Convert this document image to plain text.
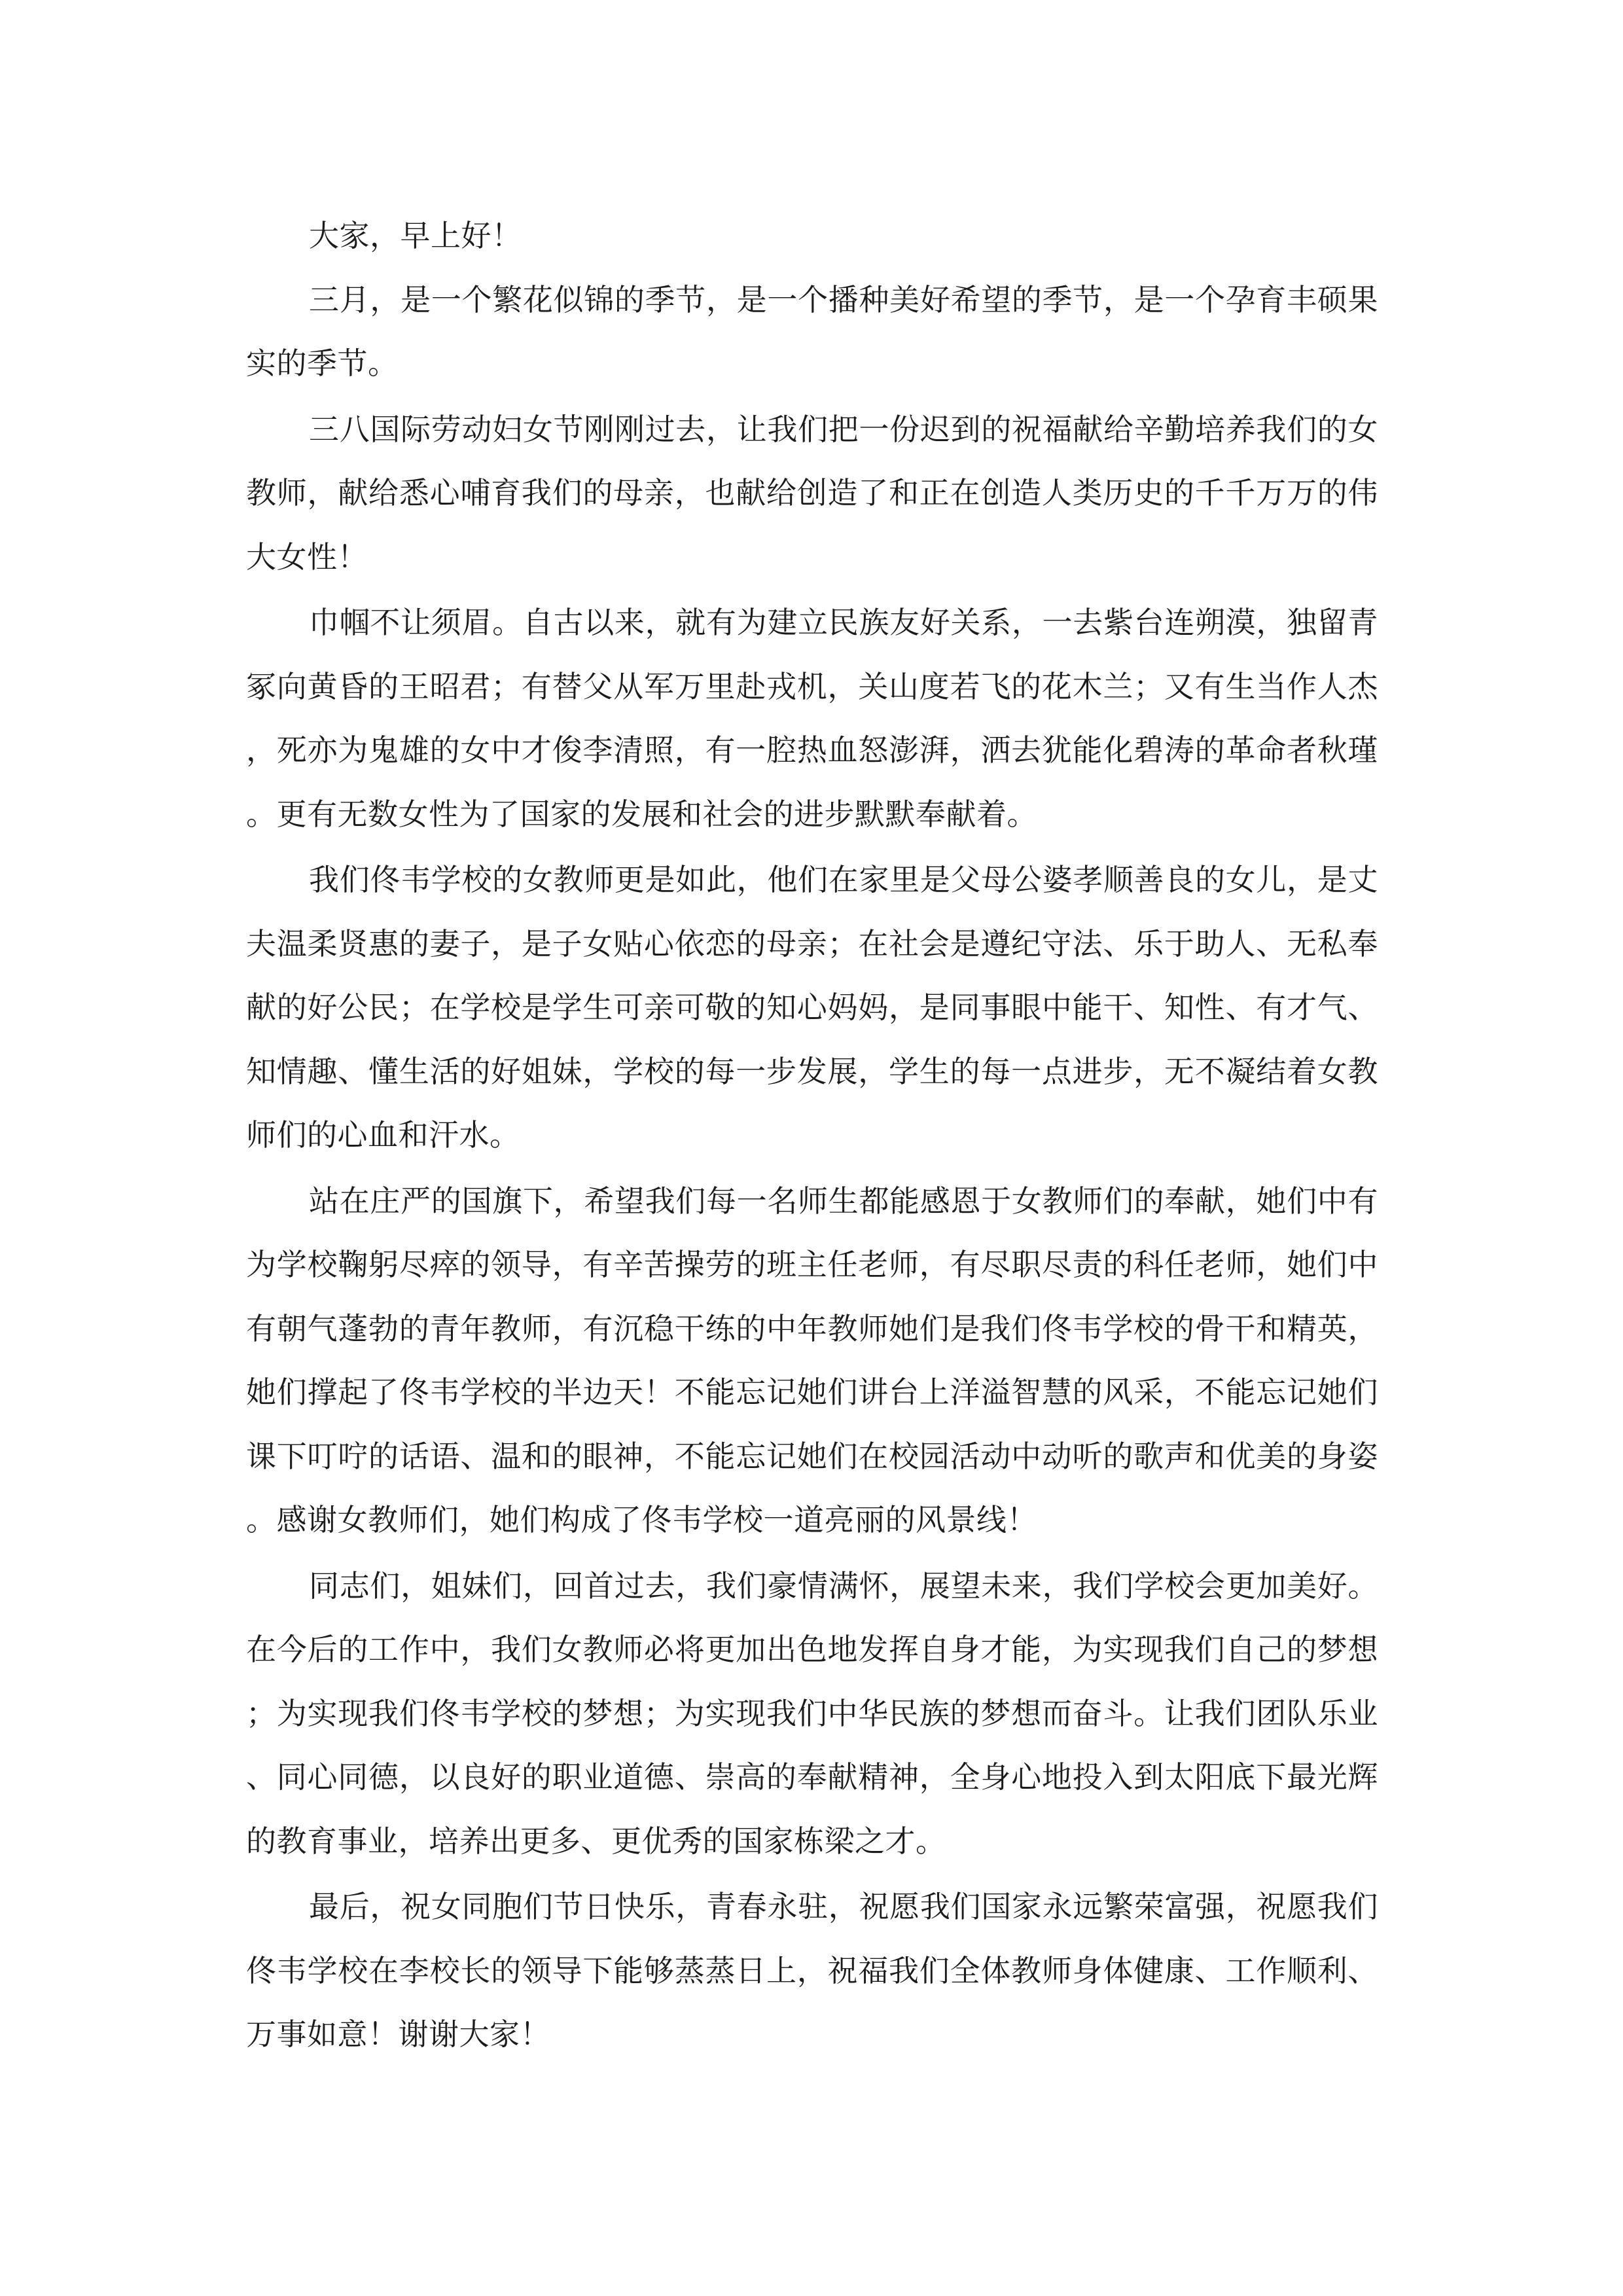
大家，早上好！

三月，是一个繁花似锦的季节，是一个播种美好希望的季节，是一个孕育丰硕果实的季节。

三八国际劳动妇女节刚刚过去，让我们把一份迟到的祝福献给辛勤培养我们的女教师，献给悉心哺育我们的母亲，也献给创造了和正在创造人类历史的千千万万的伟大女性！

巾帼不让须眉。自古以来，就有为建立民族友好关系，一去紫台连朔漠，独留青冢向黄昏的王昭君；有替父从军万里赴戎机，关山度若飞的花木兰；又有生当作人杰，死亦为鬼雄的女中才俊李清照，有一腔热血怒澎湃，洒去犹能化碧涛的革命者秋瑾。更有无数女性为了国家的发展和社会的进步默默奉献着。

我们佟韦学校的女教师更是如此，他们在家里是父母公婆孝顺善良的女儿，是丈夫温柔贤惠的妻子，是子女贴心依恋的母亲；在社会是遵纪守法、乐于助人、无私奉献的好公民；在学校是学生可亲可敬的知心妈妈，是同事眼中能干、知性、有才气、知情趣、懂生活的好姐妹，学校的每一步发展，学生的每一点进步，无不凝结着女教师们的心血和汗水。

站在庄严的国旗下，希望我们每一名师生都能感恩于女教师们的奉献，她们中有为学校鞠躬尽瘁的领导，有辛苦操劳的班主任老师，有尽职尽责的科任老师，她们中有朝气蓬勃的青年教师，有沉稳干练的中年教师她们是我们佟韦学校的骨干和精英，她们撑起了佟韦学校的半边天！不能忘记她们讲台上洋溢智慧的风采，不能忘记她们课下叮咛的话语、温和的眼神，不能忘记她们在校园活动中动听的歌声和优美的身姿。感谢女教师们，她们构成了佟韦学校一道亮丽的风景线！

同志们，姐妹们，回首过去，我们豪情满怀，展望未来，我们学校会更加美好。在今后的工作中，我们女教师必将更加出色地发挥自身才能，为实现我们自己的梦想；为实现我们佟韦学校的梦想；为实现我们中华民族的梦想而奋斗。让我们团队乐业、同心同德，以良好的职业道德、崇高的奉献精神，全身心地投入到太阳底下最光辉的教育事业，培养出更多、更优秀的国家栋梁之才。

最后，祝女同胞们节日快乐，青春永驻，祝愿我们国家永远繁荣富强，祝愿我们佟韦学校在李校长的领导下能够蒸蒸日上，祝福我们全体教师身体健康、工作顺利、万事如意！谢谢大家！
